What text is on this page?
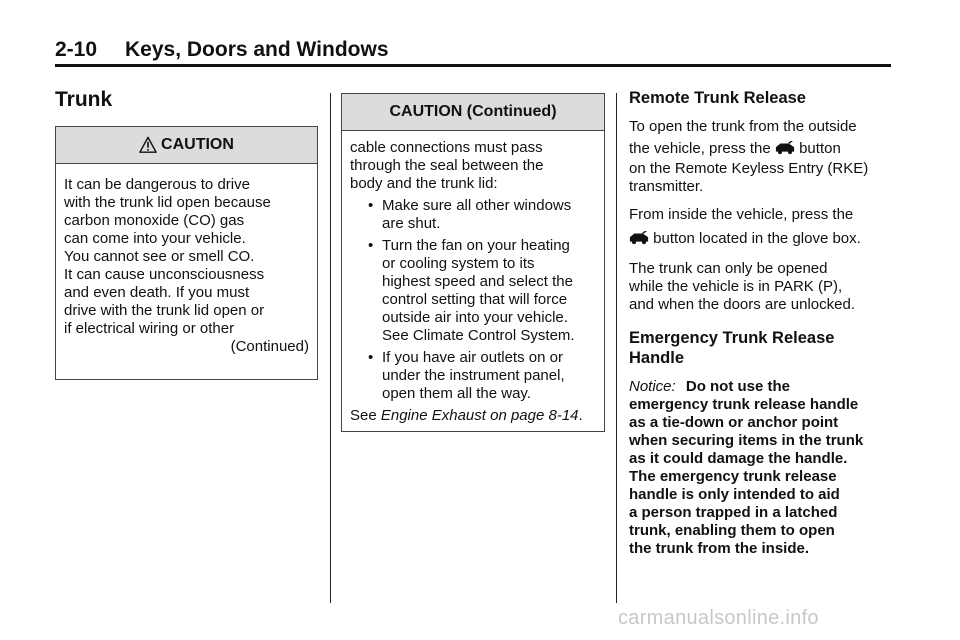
2-10 Keys, Doors and Windows
Trunk
CAUTION

It can be dangerous to drive

with the trunk lid open because

carbon monoxide (CO) gas

can come into your vehicle.

You cannot see or smell CO.

It can cause unconsciousness

and even death. If you must

drive with the trunk lid open or

if electrical wiring or other

(Continued)

CAUTION (Continued)

cable connections must pass

through the seal between the

body and the trunk lid:

• Make sure all other windows
are shut.
• Turn the fan on your heating
or cooling system to its
highest speed and select the
control setting that will force
outside air into your vehicle.
See Climate Control System.
• If you have air outlets on or
under the instrument panel,
open them all the way.

See Engine Exhaust on page 8-14.

Remote Trunk Release

To open the trunk from the outside

the vehicle, press the button

on the Remote Keyless Entry (RKE)

transmitter.

From inside the vehicle, press the

button located in the glove box.

The trunk can only be opened

while the vehicle is in PARK (P),

and when the doors are unlocked.

Emergency Trunk Release
Handle

Notice: Do not use the

emergency trunk release handle

as a tie-down or anchor point

when securing items in the trunk

as it could damage the handle.

The emergency trunk release

handle is only intended to aid

a person trapped in a latched

trunk, enabling them to open

the trunk from the inside.

carmanualsonline.info
